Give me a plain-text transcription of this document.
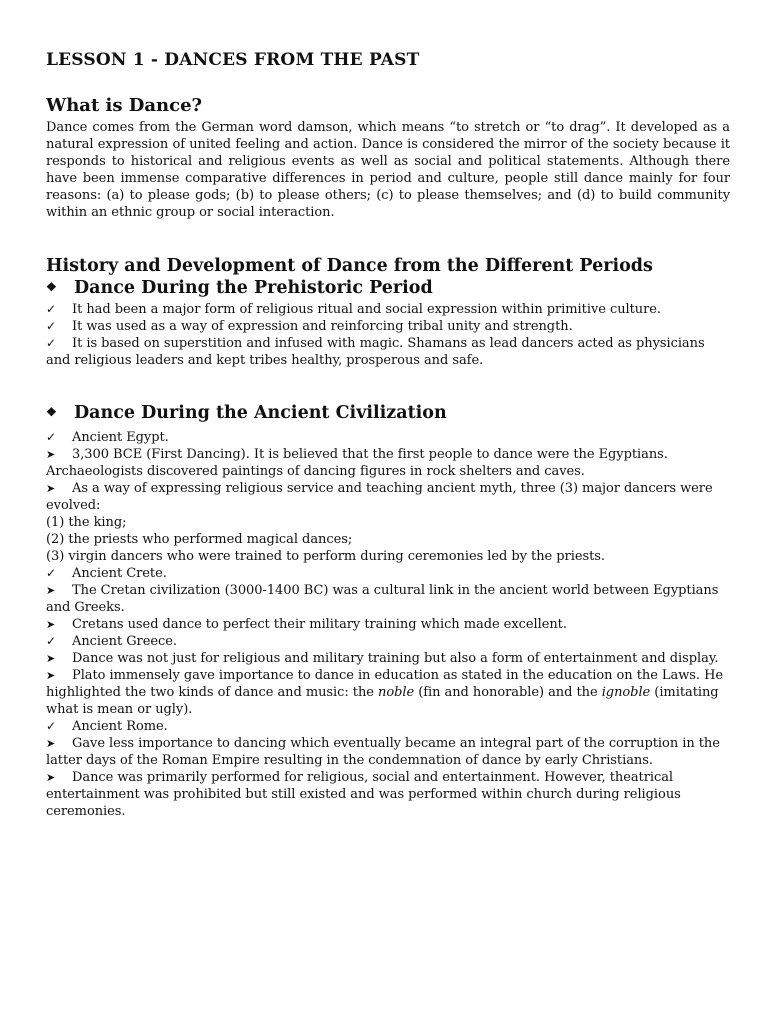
LESSON 1 - DANCES FROM THE PAST
What is Dance?

Dance comes from the German word damson, which means “to stretch or “to drag”. It developed as a natural expression of united feeling and action. Dance is considered the mirror of the society because it responds to historical and religious events as well as social and political statements. Although there have been immense comparative differences in period and culture, people still dance mainly for four reasons: (a) to please gods; (b) to please others; (c) to please themselves; and (d) to build community within an ethnic group or social interaction.

History and Development of Dance from the Different Periods
❖ Dance During the Prehistoric Period
✓ It had been a major form of religious ritual and social expression within primitive culture.
✓ It was used as a way of expression and reinforcing tribal unity and strength.
✓ It is based on superstition and infused with magic. Shamans as lead dancers acted as physicians and religious leaders and kept tribes healthy, prosperous and safe.
❖ Dance During the Ancient Civilization
✓ Ancient Egypt.
➤ 3,300 BCE (First Dancing). It is believed that the first people to dance were the Egyptians. Archaeologists discovered paintings of dancing figures in rock shelters and caves.
➤ As a way of expressing religious service and teaching ancient myth, three (3) major dancers were evolved:
(1) the king;
(2) the priests who performed magical dances;
(3) virgin dancers who were trained to perform during ceremonies led by the priests.
✓ Ancient Crete.
➤ The Cretan civilization (3000-1400 BC) was a cultural link in the ancient world between Egyptians and Greeks.
➤ Cretans used dance to perfect their military training which made excellent.
✓ Ancient Greece.
➤ Dance was not just for religious and military training but also a form of entertainment and display.
➤ Plato immensely gave importance to dance in education as stated in the education on the Laws. He highlighted the two kinds of dance and music: the noble (fin and honorable) and the ignoble (imitating what is mean or ugly).
✓ Ancient Rome.
➤ Gave less importance to dancing which eventually became an integral part of the corruption in the latter days of the Roman Empire resulting in the condemnation of dance by early Christians.
➤ Dance was primarily performed for religious, social and entertainment. However, theatrical entertainment was prohibited but still existed and was performed within church during religious ceremonies.
